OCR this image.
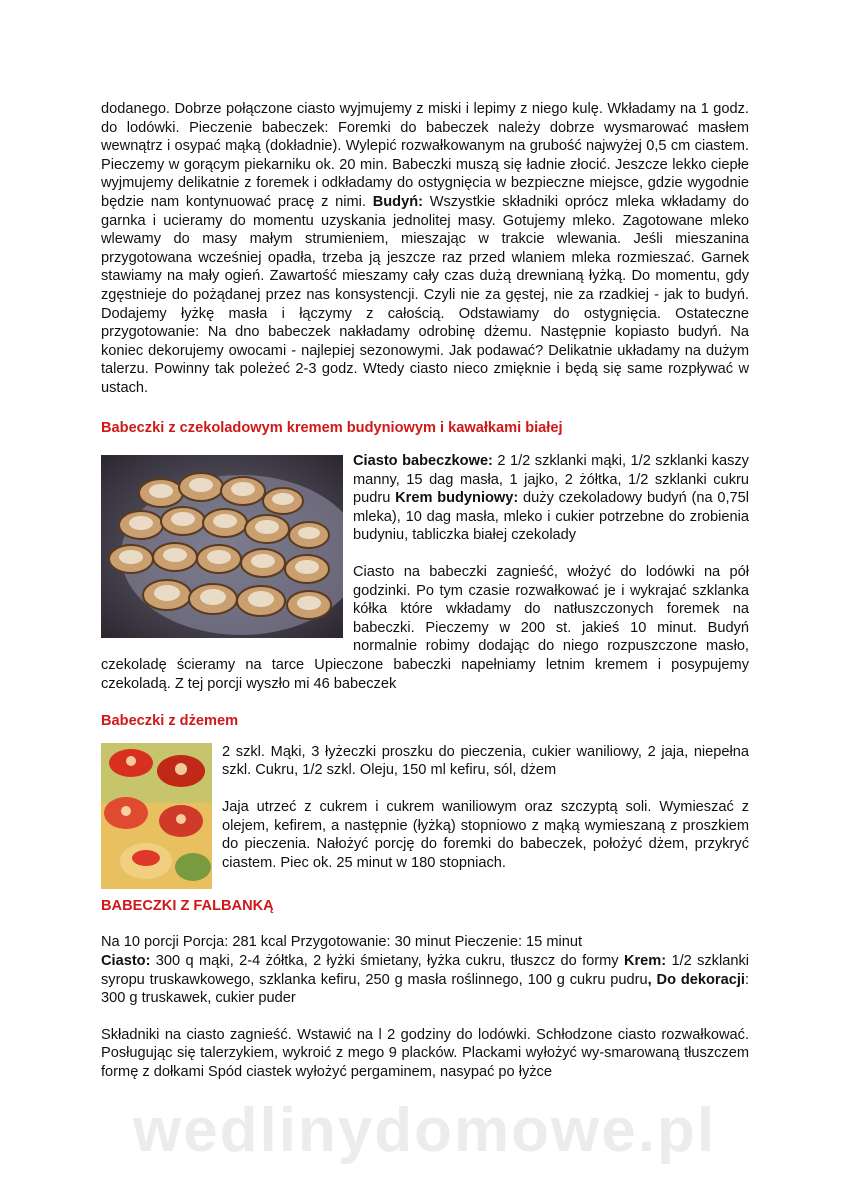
dodanego. Dobrze połączone ciasto wyjmujemy z miski i lepimy z niego kulę. Wkładamy na 1 godz. do lodówki. Pieczenie babeczek: Foremki do babeczek należy dobrze wysmarować masłem wewnątrz i osypać mąką (dokładnie). Wylepić rozwałkowanym na grubość najwyżej 0,5 cm ciastem. Pieczemy w gorącym piekarniku ok. 20 min. Babeczki muszą się ładnie złocić. Jeszcze lekko ciepłe wyjmujemy delikatnie z foremek i odkładamy do ostygnięcia w bezpieczne miejsce, gdzie wygodnie będzie nam kontynuować pracę z nimi. Budyń: Wszystkie składniki oprócz mleka wkładamy do garnka i ucieramy do momentu uzyskania jednolitej masy. Gotujemy mleko. Zagotowane mleko wlewamy do masy małym strumieniem, mieszając w trakcie wlewania. Jeśli mieszanina przygotowana wcześniej opadła, trzeba ją jeszcze raz przed wlaniem mleka rozmieszać. Garnek stawiamy na mały ogień. Zawartość mieszamy cały czas dużą drewnianą łyżką. Do momentu, gdy zgęstnieje do pożądanej przez nas konsystencji. Czyli nie za gęstej, nie za rzadkiej - jak to budyń. Dodajemy łyżkę masła i łączymy z całością. Odstawiamy do ostygnięcia. Ostateczne przygotowanie: Na dno babeczek nakładamy odrobinę dżemu. Następnie kopiasto budyń. Na koniec dekorujemy owocami - najlepiej sezonowymi. Jak podawać? Delikatnie układamy na dużym talerzu. Powinny tak poleżeć 2-3 godz. Wtedy ciasto nieco zmięknie i będą się same rozpływać w ustach.

Babeczki z czekoladowym kremem budyniowym i kawałkami białej

Ciasto babeczkowe: 2 1/2 szklanki mąki, 1/2 szklanki kaszy manny, 15 dag masła, 1 jajko, 2 żółtka, 1/2 szklanki cukru pudru Krem budyniowy: duży czekoladowy budyń (na 0,75l mleka), 10 dag masła, mleko i cukier potrzebne do zrobienia budyniu, tabliczka białej czekolady

Ciasto na babeczki zagnieść, włożyć do lodówki na pół godzinki. Po tym czasie rozwałkować je i wykrajać szklanka kółka które wkładamy do natłuszczonych foremek na babeczki. Pieczemy w 200 st. jakieś 10 minut. Budyń normalnie robimy dodając do niego rozpuszczone masło, czekoladę ścieramy na tarce Upieczone babeczki napełniamy letnim kremem i posypujemy czekoladą. Z tej porcji wyszło mi 46 babeczek

Babeczki z dżemem

2 szkl. Mąki, 3 łyżeczki proszku do pieczenia, cukier waniliowy, 2 jaja, niepełna szkl. Cukru, 1/2 szkl. Oleju, 150 ml kefiru, sól, dżem

Jaja utrzeć z cukrem i cukrem waniliowym oraz szczyptą soli. Wymieszać z olejem, kefirem, a następnie (łyżką) stopniowo z mąką wymieszaną z proszkiem do pieczenia. Nałożyć porcję do foremki do babeczek, położyć dżem, przykryć ciastem. Piec ok. 25 minut w 180 stopniach.

BABECZKI Z FALBANKĄ

Na 10 porcji Porcja: 281 kcal Przygotowanie: 30 minut Pieczenie: 15 minut

Ciasto: 300 q mąki, 2-4 żółtka, 2 łyżki śmietany, łyżka cukru, tłuszcz do formy Krem: 1/2 szklanki syropu truskawkowego, szklanka kefiru, 250 g masła roślinnego, 100 g cukru pudru, Do dekoracji: 300 g truskawek, cukier puder

Składniki na ciasto zagnieść. Wstawić na l 2 godziny do lodówki. Schłodzone ciasto rozwałkować. Posługując się talerzykiem, wykroić z mego 9 placków. Plackami wyłożyć wy-smarowaną tłuszczem formę z dołkami Spód ciastek wyłożyć pergaminem, nasypać po łyżce

wedlinydomowe.pl
